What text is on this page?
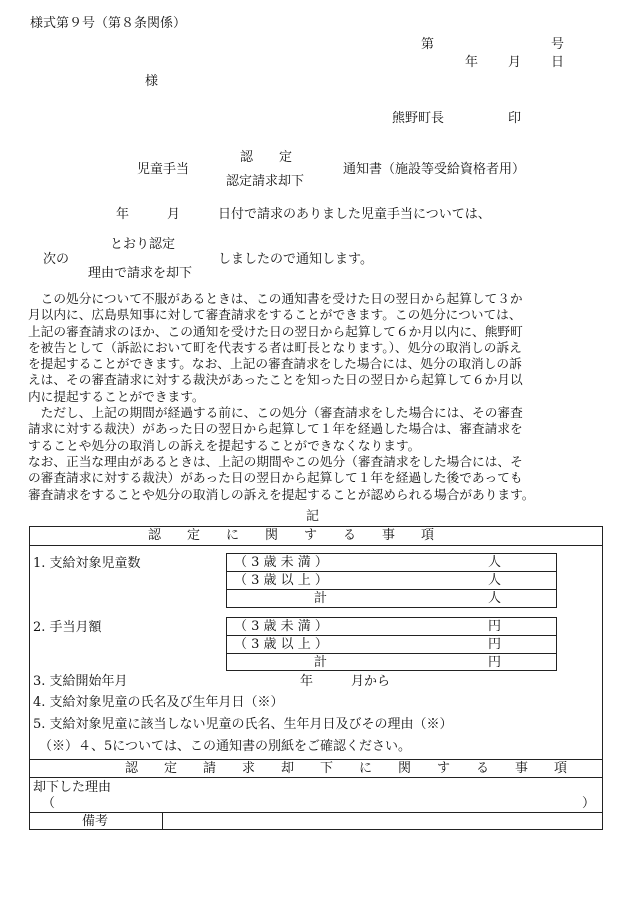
様式第９号（第８条関係）
第	号
年 月 日
様
熊野町長	印
児童手当
認　　定
認定請求却下
通知書（施設等受給資格者用）
年	月	日付で請求のありました児童手当については、
とおり認定
次の
理由で請求を却下
しましたので通知します。
　この処分について不服があるときは、この通知書を受けた日の翌日から起算して３か
月以内に、広島県知事に対して審査請求をすることができます。この処分については、
上記の審査請求のほか、この通知を受けた日の翌日から起算して６か月以内に、熊野町
を被告として（訴訟において町を代表する者は町長となります。）、処分の取消しの訴え
を提起することができます。なお、上記の審査請求をした場合には、処分の取消しの訴
えは、その審査請求に対する裁決があったことを知った日の翌日から起算して６か月以
内に提起することができます。
　ただし、上記の期間が経過する前に、この処分（審査請求をした場合には、その審査
請求に対する裁決）があった日の翌日から起算して１年を経過した場合は、審査請求を
することや処分の取消しの訴えを提起することができなくなります。
なお、正当な理由があるときは、上記の期間やこの処分（審査請求をした場合には、そ
の審査請求に対する裁決）があった日の翌日から起算して１年を経過した後であっても
審査請求をすることや処分の取消しの訴えを提起することが認められる場合があります。
記
認　　定　　に　　関　　す　　る　　事　　項
1. 支給対象児童数	（ 3 歳 未 満 ）	人
（ 3 歳 以 上 ）	人
計	人
2. 手当月額	（ 3 歳 未 満 ）	円
（ 3 歳 以 上 ）	円
計	円
3. 支給開始年月	年	月から
4. 支給対象児童の氏名及び生年月日（※）
5. 支給対象児童に該当しない児童の氏名、生年月日及びその理由（※）
（※）４、5については、この通知書の別紙をご確認ください。
認　　定　　請　　求　　却　　下　　に　　関　　す　　る　　事　　項
却下した理由
（	）
備考
